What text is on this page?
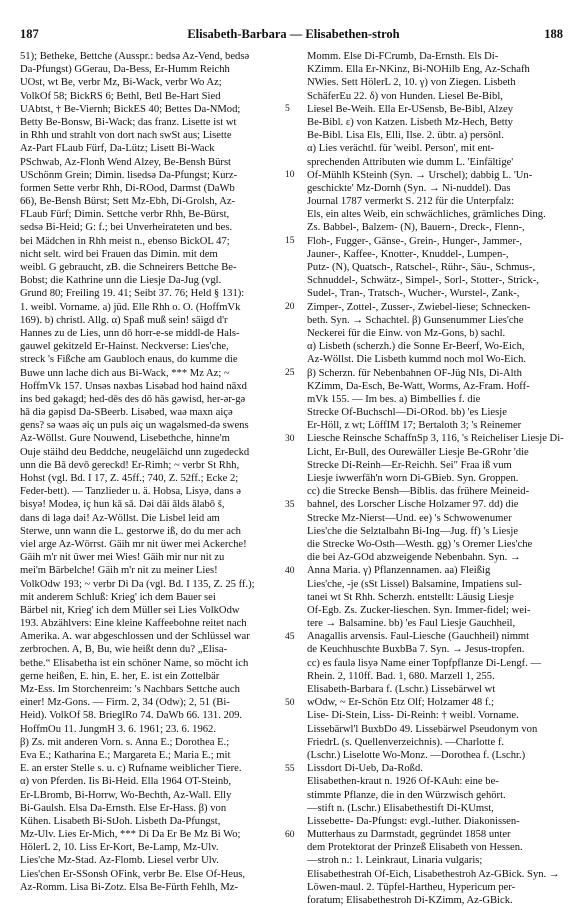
187	Elisabeth-Barbara — Elisabethen-stroh	188
51); Betheke, Bettche (Ausspr.: bedsə Az-Vend, bedsə
Da-Pfungst) GGerau, Da-Bess, Er-Humm Reichh
UOst, wt Be, verbr Mz, Bi-Wack, verbr Wo Az;
VolkOf 58; BickRS 6; Bethl, Betl Be-Hart Sied
UAbtst, † Be-Viernh; BickES 40; Bettes Da-NMod;
Betty Be-Bonsw, Bi-Wack; das franz. Lisette ist wt
in Rhh und strahlt von dort nach swSt aus; Lisette
Az-Part FLaub Fürf, Da-Lütz; Lisett Bi-Wack
PSchwab, Az-Flonh Wend Alzey, Be-Bensh Bürst
USchönm Grein; Dimin. lisedsə Da-Pfungst; Kurz-
formen Sette verbr Rhh, Di-ROod, Darmst (DaWb
66), Be-Bensh Bürst; Sett Mz-Ebh, Di-Grolsh, Az-
FLaub Fürf; Dimin. Settche verbr Rhh, Be-Bürst,
sedsə Bi-Heid; G: f.; bei Unverheirateten und bes.
bei Mädchen in Rhh meist n., ebenso BickOL 47;
nicht selt. wird bei Frauen das Dimin. mit dem
weibl. G gebraucht, zB. die Schneirers Bettche Be-
Bobst; die Kathrine unn die Liesje Da-Jug (vgl.
Grund 80; Freiling 19. 41; Seibt 37. 76; Held § 131):
1. weibl. Vorname. a) jüd. Elle Rhh o. O. (HoffmVk
169). b) christl. Allg. α) Spaß muß sein! säigd d'r
Hannes zu de Lies, unn dō horr-e-se middl-de Hals-
gauwel gekitzeld Er-Hainst. Neckverse: Lies'che,
streck 's Fißche am Gaubloch enaus, do kumme die
Buwe unn lache dich aus Bi-Wack, *** Mz Az; ~
HoffmVk 157. Unsəs nəxbəs Lisəbad hod haind nāxd
ins bed gəkagd; hed-dēs des dō hās gəwisd, her-ər-gə
hā diə gəpisd Da-SBeerb. Lisəbed, waə maxn aiçə
gens? sə waəs əiç un puls əiç un wagəlsmed-də swens
Az-Wöllst. Gure Nouwend, Lisebethche, hinne'm
Ouje stäihd deu Beddche, neugeläichd unn zugedeckd
unn die Bā devō gereckd! Er-Rimh; ~ verbr St Rhh,
Hohst (vgl. Bd. I 17, Z. 45ff.; 740, Z. 52ff.; Ecke 2;
Feder-bett). — Tanzlieder u. ä. Hobsa, Lisyə, dans ə
bisyə! Modeə, iç hun kā sā. Dəi dāi ālds ālabō š,
dans di ləgə dəi! Az-Wöllst. Die Lisbel leid am
Sterwe, unn wann die L. gestorwe iß, do du mer ach
viel arge Az-Wörrst. Gäih mr nit üwer mei Ackerche!
Gäih m'r nit üwer mei Wies! Gäih mir nur nit zu
mei'm Bärbelche! Gäih m'r nit zu meiner Lies!
VolkOdw 193; ~ verbr Di Da (vgl. Bd. I 135, Z. 25 ff.);
mit anderem Schluß: Krieg' ich dem Bauer sei
Bärbel nit, Krieg' ich dem Müller sei Lies VolkOdw
193. Abzählvers: Eine kleine Kaffeebohne reitet nach
Amerika. A. war abgeschlossen und der Schlüssel war
zerbrochen. A, B, Bu, wie heißt denn du? „Elisa-
bethe.“ Elisabetha ist ein schöner Name, so möcht ich
gerne heißen, E. hin, E. her, E. ist ein Zottelbär
Mz-Ess. Im Storchenreim: 's Nachbars Settche auch
einer! Mz-Gons. — Firm. 2, 34 (Odw); 2, 51 (Bi-
Heid). VolkOf 58. BrieglRo 74. DaWb 66. 131. 209.
HoffmOu 11. JungmH 3. 6. 1961; 23. 6. 1962.
β) Zs. mit anderen Vorn. s. Anna E.; Dorothea E.;
Eva E.; Katharina E.; Margareta E.; Maria E.; mit
E. an erster Stelle s. u. c) Rufname weiblicher Tiere.
α) von Pferden. Iis Bi-Heid. Ella 1964 OT-Steinb,
Er-LBromb, Bi-Horrw, Wo-Bechth, Az-Wall. Elly
Bi-Gaulsh. Elsa Da-Ernsth. Else Er-Hass. β) von
Kühen. Lisabeth Bi-StJoh. Lisbeth Da-Pfungst,
Mz-Ulv. Lies Er-Mich, *** Di Da Er Be Mz Bi Wo;
HölerL 2, 10. Liss Er-Kort, Be-Lamp, Mz-Ulv.
Lies'che Mz-Stad. Az-Flomb. Liesel verbr Ulv.
Lies'chen Er-SSonsh OFink, verbr Be. Else Of-Heus,
Az-Romm. Lisa Bi-Zotz. Elsa Be-Fürth Fehlh, Mz-
5
10
15
20
25
30
35
40
45
50
55
60
Momm. Else Di-FCrumb, Da-Ernsth. Els Di-
KZimm. Ella Er-NKinz, Bi-NOHilb Eng, Az-Schafh
NWies. Sett HölerL 2, 10. γ) von Ziegen. Lisbeth
SchäferEu 22. δ) von Hunden. Liesel Be-Bibl,
Liesel Be-Weih. Ella Er-USensb, Be-Bibl, Alzey
Be-Bibl. ε) von Katzen. Lisbeth Mz-Hech, Betty
Be-Bibl. Lisa Els, Elli, Ilse. 2. übtr. a) persönl.
α) Lies verächtl. für 'weibl. Person', mit ent-
sprechenden Attributen wie dumm L. 'Einfältige'
Of-Mühlh KSteinh (Syn. → Urschel); dabbig L. 'Un-
geschickte' Mz-Dornh (Syn. → Ni-nuddel). Das
Journal 1787 vermerkt S. 212 für die Unterpfalz:
Els, ein altes Weib, ein schwächliches, grämliches Ding.
Zs. Babbel-, Balzem- (N), Bauern-, Dreck-, Flenn-,
Floh-, Fugger-, Gänse-, Grein-, Hunger-, Jammer-,
Jauner-, Kaffee-, Knotter-, Knuddel-, Lumpen-,
Putz- (N), Quatsch-, Ratschel-, Rühr-, Säu-, Schmus-,
Schnuddel-, Schwätz-, Simpel-, Sorl-, Stotter-, Strick-,
Sudel-, Tran-, Tratsch-, Wucher-, Wurstel-, Zank-,
Zimper-, Zottel-, Zusser-, Zwiebel-liese; Schnecken-
beth. Syn. → Schachtel. β) Gunsenummer Lies'che
Neckerei für die Einw. von Mz-Gons, b) sachl.
α) Lisbeth (scherzh.) die Sonne Er-Beerf, Wo-Eich,
Az-Wöllst. Die Lisbeth kummd noch mol Wo-Eich.
β) Scherzn. für Nebenbahnen OF-Jüg NIs, Di-Alth
KZimm, Da-Esch, Be-Watt, Worms, Az-Fram. Hoff-
mVk 155. — Im bes. a) Bimbellies f. die
Strecke Of-Buchschl—Di-ORod. bb) 'es Liesje
Er-Höll, z wt; LöffIM 17; Bertaloth 3; 's Reinemer
Liesche Reinsche SchaffnSp 3, 116, 's Reicheliser Liesje Di-
Licht, Er-Bull, des Ourewäller Liesje Be-GRohr 'die
Strecke Di-Reinh—Er-Reichh. Sei" Fraa iß vum
Liesje iwwerfāh'n worn Di-GBieb. Syn. Groppen.
cc) die Strecke Bensh—Biblis. das frühere Meineid-
bahnel, des Lorscher Lische Holzamer 97. dd) die
Strecke Mz-Nierst—Und. ee) 's Schwowenumer
Lies'che die Selztalbahn Bi-Ing—Jug. ff) 's Liesje
die Strecke Wo-Osth—Westh. gg) 's Oremer Lies'che
die bei Az-GOd abzweigende Nebenbahn. Syn. →
Anna Maria. γ) Pflanzennamen. aa) Fleißig
Lies'che, -je (sSt Lissel) Balsamine, Impatiens sul-
tanei wt St Rhh. Scherzh. entstellt: Läusig Liesje
Of-Egb. Zs. Zucker-lieschen. Syn. Immer-fidel; wei-
tere → Balsamine. bb) 'es Faul Liesje Gauchheil,
Anagallis arvensis. Faul-Liesche (Gauchheil) nimmt
de Keuchhuschte BuxbBa 7. Syn. → Jesus-tropfen.
cc) es faulə lisyə Name einer Topfpflanze Di-Lengf. —
Rhein. 2, 110ff. Bad. 1, 680. Marzell 1, 255.
Elisabeth-Barbara f. (Lschr.) Lissebärwel wt
wOdw, ~ Er-Schön Etz Olf; Holzamer 48 f.;
Lise- Di-Stein, Liss- Di-Reinh: † weibl. Vorname.
Lissebärwl'l BuxbDo 49. Lissebärwel Pseudonym von
FriedrL (s. Quellenverzeichnis). —Charlotte f.
(Lschr.) Liselotte Wo-Monz. —Dorothea f. (Lschr.)
Lissdort Di-Ueb, Da-Roßd.
Elisabethen-kraut n. 1926 Of-KAuh: eine be-
stimmte Pflanze, die in den Würzwisch gehört.
—stift n. (Lschr.) Elisabethestift Di-KUmst,
Lissebette- Da-Pfungst: evgl.-luther. Diakonissen-
Mutterhaus zu Darmstadt, gegründet 1858 unter
dem Protektorat der Prinzeß Elisabeth von Hessen.
—stroh n.: 1. Leinkraut, Linaria vulgaris;
Elisabethestrah Of-Eich, Lisabethestroh Az-GBick. Syn. →
Löwen-maul. 2. Tüpfel-Hartheu, Hypericum per-
foratum; Elisabethestroh Di-KZimm, Az-GBick.
